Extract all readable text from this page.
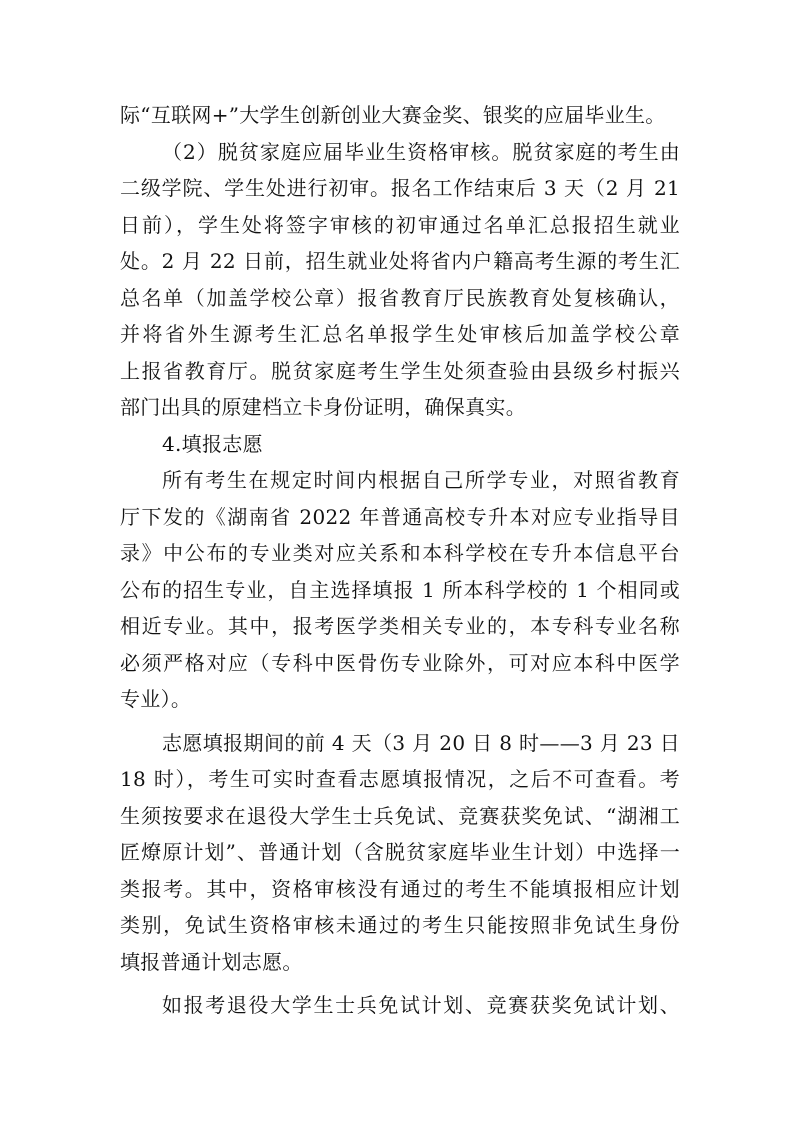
际“互联网+”大学生创新创业大赛金奖、银奖的应届毕业生。
（2）脱贫家庭应届毕业生资格审核。脱贫家庭的考生由
二级学院、学生处进行初审。报名工作结束后 3 天（2 月 21
日前），学生处将签字审核的初审通过名单汇总报招生就业
处。2 月 22 日前，招生就业处将省内户籍高考生源的考生汇
总名单（加盖学校公章）报省教育厅民族教育处复核确认，
并将省外生源考生汇总名单报学生处审核后加盖学校公章
上报省教育厅。脱贫家庭考生学生处须查验由县级乡村振兴
部门出具的原建档立卡身份证明，确保真实。
4.填报志愿
所有考生在规定时间内根据自己所学专业，对照省教育
厅下发的《湖南省 2022 年普通高校专升本对应专业指导目
录》中公布的专业类对应关系和本科学校在专升本信息平台
公布的招生专业，自主选择填报 1 所本科学校的 1 个相同或
相近专业。其中，报考医学类相关专业的，本专科专业名称
必须严格对应（专科中医骨伤专业除外，可对应本科中医学
专业）。
志愿填报期间的前 4 天（3 月 20 日 8 时——3 月 23 日
18 时），考生可实时查看志愿填报情况，之后不可查看。考
生须按要求在退役大学生士兵免试、竞赛获奖免试、“湖湘工
匠燎原计划”、普通计划（含脱贫家庭毕业生计划）中选择一
类报考。其中，资格审核没有通过的考生不能填报相应计划
类别，免试生资格审核未通过的考生只能按照非免试生身份
填报普通计划志愿。
如报考退役大学生士兵免试计划、竞赛获奖免试计划、
